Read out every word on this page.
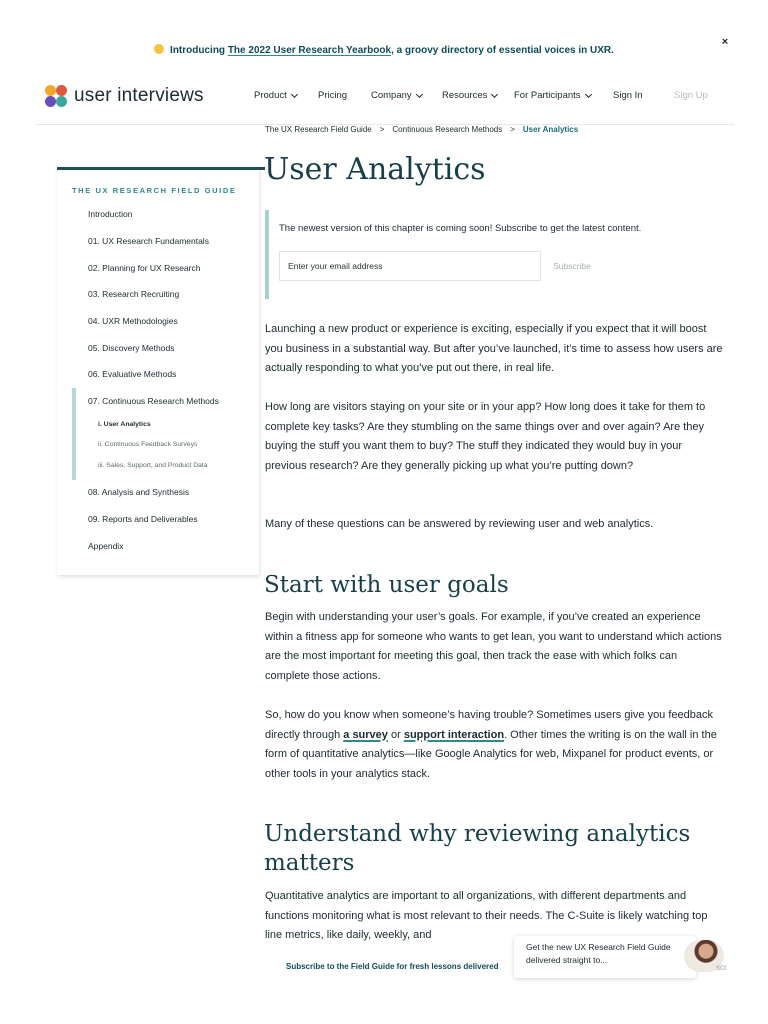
Introducing The 2022 User Research Yearbook, a groovy directory of essential voices in UXR.
×
user interviews	Product	Pricing	Company	Resources	For Participants	Sign In	Sign Up
The UX Research Field Guide > Continuous Research Methods > User Analytics
THE UX RESEARCH FIELD GUIDE
Introduction
01. UX Research Fundamentals
02. Planning for UX Research
03. Research Recruiting
04. UXR Methodologies
05. Discovery Methods
06. Evaluative Methods
07. Continuous Research Methods
i. User Analytics
ii. Continuous Feedback Surveys
iii. Sales, Support, and Product Data
08. Analysis and Synthesis
09. Reports and Deliverables
Appendix
User Analytics
The newest version of this chapter is coming soon! Subscribe to get the latest content.
Enter your email address
Subscribe

Launching a new product or experience is exciting, especially if you expect that it will boost you business in a substantial way. But after you’ve launched, it’s time to assess how users are actually responding to what you’ve put out there, in real life.

How long are visitors staying on your site or in your app? How long does it take for them to complete key tasks? Are they stumbling on the same things over and over again? Are they buying the stuff you want them to buy? The stuff they indicated they would buy in your previous research? Are they generally picking up what you’re putting down?

Many of these questions can be answered by reviewing user and web analytics.

Start with user goals

Begin with understanding your user’s goals. For example, if you’ve created an experience within a fitness app for someone who wants to get lean, you want to understand which actions are the most important for meeting this goal, then track the ease with which folks can complete those actions.

So, how do you know when someone’s having trouble? Sometimes users give you feedback directly through a survey or support interaction. Other times the writing is on the wall in the form of quantitative analytics—like Google Analytics for web, Mixpanel for product events, or other tools in your analytics stack.

Understand why reviewing analytics matters

Quantitative analytics are important to all organizations, with different departments and functions monitoring what is most relevant to their needs. The C-Suite is likely watching top line metrics, like daily, weekly, and

Subscribe to the Field Guide for fresh lessons delivered
Get the new UX Research Field Guide delivered straight to...
scr
